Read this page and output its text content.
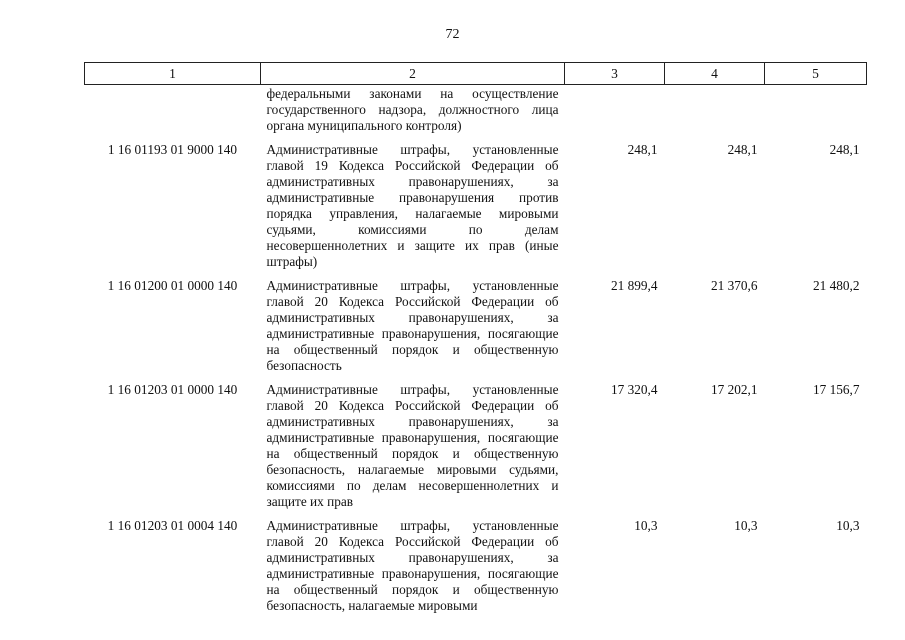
72
1	2	3	4	5
	федеральными законами на осуществление государственного надзора, должностного лица органа муниципального контроля)			
1 16 01193 01 9000 140	Административные штрафы, установленные главой 19 Кодекса Российской Федерации об административных правонарушениях, за административные правонарушения против порядка управления, налагаемые мировыми судьями, комиссиями по делам несовершеннолетних и защите их прав (иные штрафы)	248,1	248,1	248,1
1 16 01200 01 0000 140	Административные штрафы, установленные главой 20 Кодекса Российской Федерации об административных правонарушениях, за административные правонарушения, посягающие на общественный порядок и общественную безопасность	21 899,4	21 370,6	21 480,2
1 16 01203 01 0000 140	Административные штрафы, установленные главой 20 Кодекса Российской Федерации об административных правонарушениях, за административные правонарушения, посягающие на общественный порядок и общественную безопасность, налагаемые мировыми судьями, комиссиями по делам несовершеннолетних и защите их прав	17 320,4	17 202,1	17 156,7
1 16 01203 01 0004 140	Административные штрафы, установленные главой 20 Кодекса Российской Федерации об административных правонарушениях, за административные правонарушения, посягающие на общественный порядок и общественную безопасность, налагаемые мировыми	10,3	10,3	10,3
